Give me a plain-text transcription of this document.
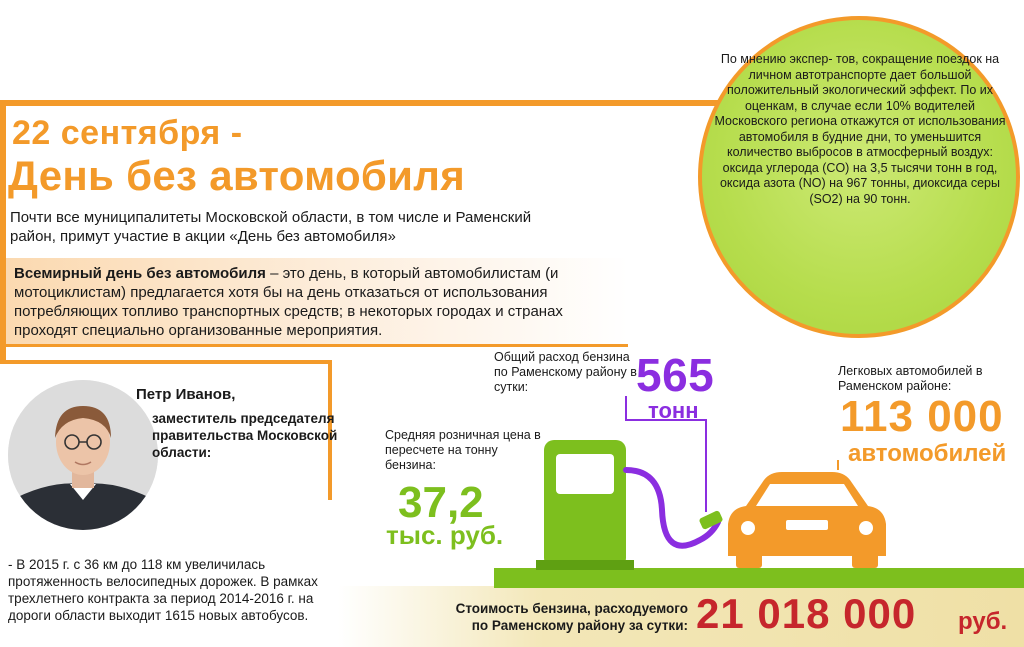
22 сентября -
День без автомобиля
Почти все муниципалитеты Московской области, в том числе и Раменский район, примут участие в акции «День без автомобиля»
Всемирный день без автомобиля – это день, в который автомобилистам (и мотоциклистам) предлагается хотя бы на день отказаться от использования потребляющих топливо транспортных средств; в некоторых городах и странах проходят специально организованные мероприятия.
По мнению экспер- тов, сокращение поездок на личном автотранспорте дает большой положительный экологический эффект. По их оценкам, в случае если 10% водителей Московского региона откажутся от использования автомобиля в будние дни, то уменьшится количество выбросов в атмосферный воздух: оксида углерода (CO) на 3,5 тысячи тонн в год, оксида азота (NO) на 967 тонны, диоксида серы (SO2) на 90 тонн.
Петр Иванов,
заместитель председателя правительства Московской области:
- В 2015 г. с 36 км до 118 км увеличилась протяженность велосипедных дорожек. В рамках трехлетнего контракта за период 2014-2016 г. на дороги области выходит 1615 новых автобусов.
Общий расход бензина по Раменскому району в сутки:	565
тонн
Средняя розничная цена в пересчете на тонну бензина:
37,2
тыс. руб.
Легковых автомобилей в Раменском районе:
113 000
автомобилей
Стоимость бензина, расходуемого по Раменскому району за сутки: 21 018 000 руб.
